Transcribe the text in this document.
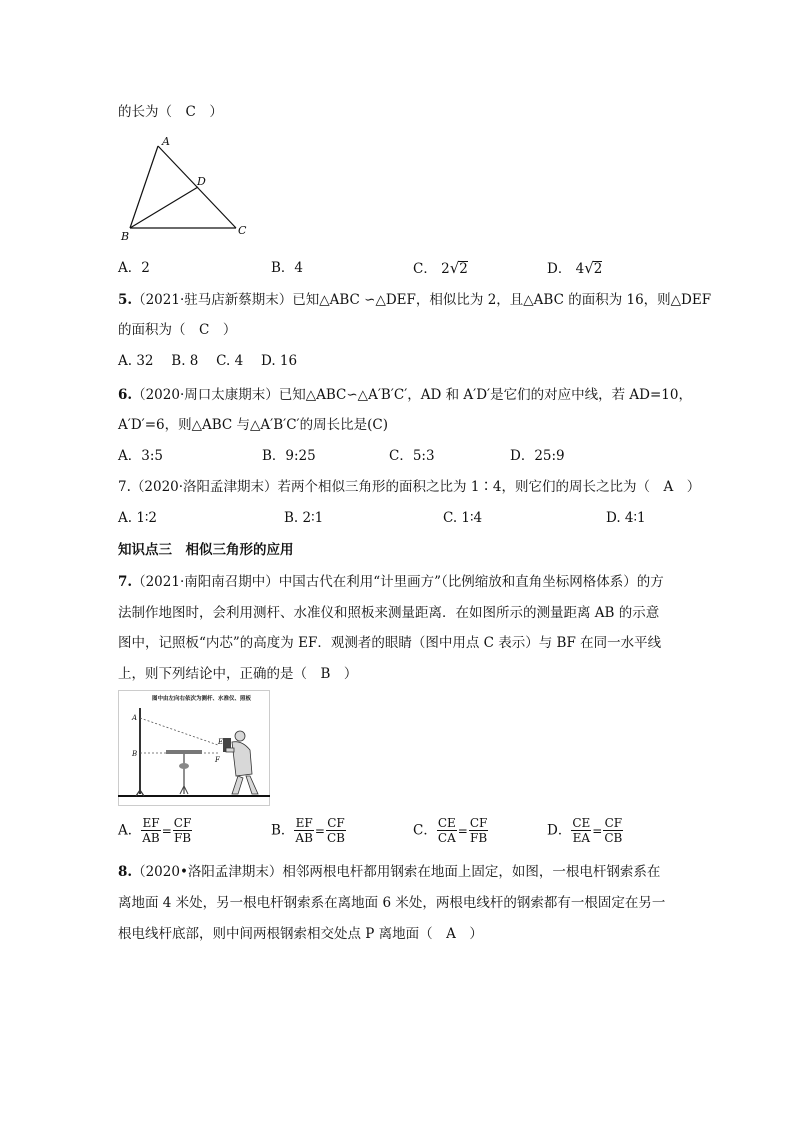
的长为（　C　）
A
B	C
D
A．2	B．4	C． 2√2	D． 4√2
5.（2021·驻马店新蔡期末）已知△ABC ∽△DEF，相似比为 2，且△ABC 的面积为 16，则△DEF
的面积为（　C　）
A. 32　 B. 8　 C. 4　 D. 16
6.（2020·周口太康期末）已知△ABC∽△A′B′C′，AD 和 A′D′是它们的对应中线，若 AD=10，
A′D′=6，则△ABC 与△A′B′C′的周长比是(C)
A．3:5	B．9:25	C．5:3	D．25:9
7.（2020·洛阳孟津期末）若两个相似三角形的面积之比为 1∶4，则它们的周长之比为（　A　）
A. 1∶2	B. 2∶1	C. 1∶4	D. 4∶1
知识点三　相似三角形的应用
7.（2021·南阳南召期中）中国古代在利用“计里画方”（比例缩放和直角坐标网格体系）的方
法制作地图时，会利用测杆、水准仪和照板来测量距离．在如图所示的测量距离 AB 的示意
图中，记照板“内芯”的高度为 EF．观测者的眼睛（图中用点 C 表示）与 BF 在同一水平线
上，则下列结论中，正确的是（　B　）
图中由左向右依次为测杆、水准仪、照板
A
B
E
F
A． $\frac{EF}{AB} = \frac{CF}{FB}$	B． $\frac{EF}{AB} = \frac{CF}{CB}$	C． $\frac{CE}{CA} = \frac{CF}{FB}$	D． $\frac{CE}{EA} = \frac{CF}{CB}$
8.（2020•洛阳孟津期末）相邻两根电杆都用钢索在地面上固定，如图，一根电杆钢索系在
离地面 4 米处，另一根电杆钢索系在离地面 6 米处，两根电线杆的钢索都有一根固定在另一
根电线杆底部，则中间两根钢索相交处点 P 离地面（　A　）
